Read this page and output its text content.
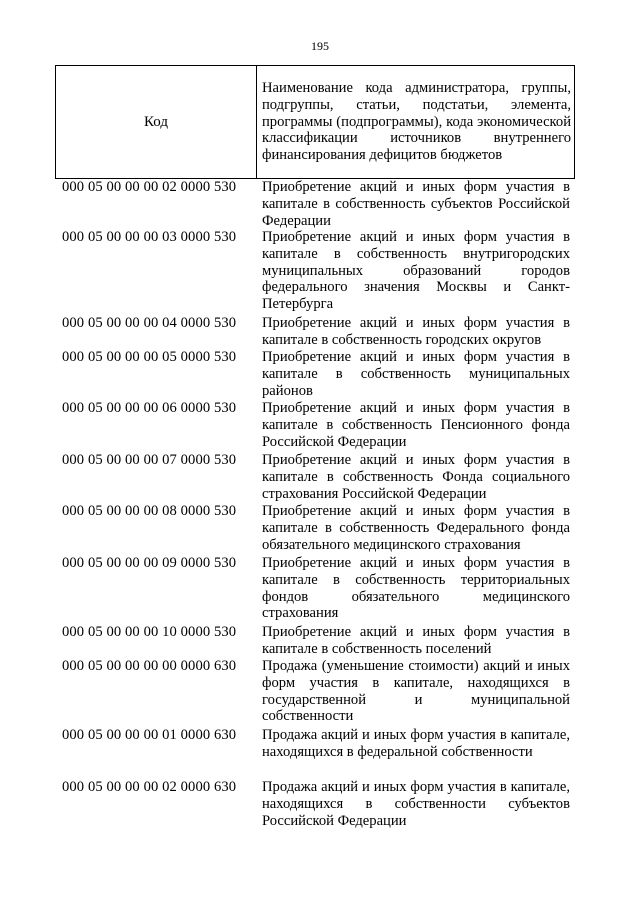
195
Код	Наименование кода администратора, группы, подгруппы, статьи, подстатьи, элемента, программы (подпрограммы), кода экономической классификации источников внутреннего финансирования дефицитов бюджетов
000 05 00 00 00 02 0000 530 Приобретение акций и иных форм участия в капитале в собственность субъектов Российской Федерации
000 05 00 00 00 03 0000 530 Приобретение акций и иных форм участия в капитале в собственность внутригородских муниципальных образований городов федерального значения Москвы и Санкт-Петербурга
000 05 00 00 00 04 0000 530 Приобретение акций и иных форм участия в капитале в собственность городских округов
000 05 00 00 00 05 0000 530 Приобретение акций и иных форм участия в капитале в собственность муниципальных районов
000 05 00 00 00 06 0000 530 Приобретение акций и иных форм участия в капитале в собственность Пенсионного фонда Российской Федерации
000 05 00 00 00 07 0000 530 Приобретение акций и иных форм участия в капитале в собственность Фонда социального страхования Российской Федерации
000 05 00 00 00 08 0000 530 Приобретение акций и иных форм участия в капитале в собственность Федерального фонда обязательного медицинского страхования
000 05 00 00 00 09 0000 530 Приобретение акций и иных форм участия в капитале в собственность территориальных фондов обязательного медицинского страхования
000 05 00 00 00 10 0000 530 Приобретение акций и иных форм участия в капитале в собственность поселений
000 05 00 00 00 00 0000 630 Продажа (уменьшение стоимости) акций и иных форм участия в капитале, находящихся в государственной и муниципальной собственности
000 05 00 00 00 01 0000 630 Продажа акций и иных форм участия в капитале, находящихся в федеральной собственности
000 05 00 00 00 02 0000 630 Продажа акций и иных форм участия в капитале, находящихся в собственности субъектов Российской Федерации
